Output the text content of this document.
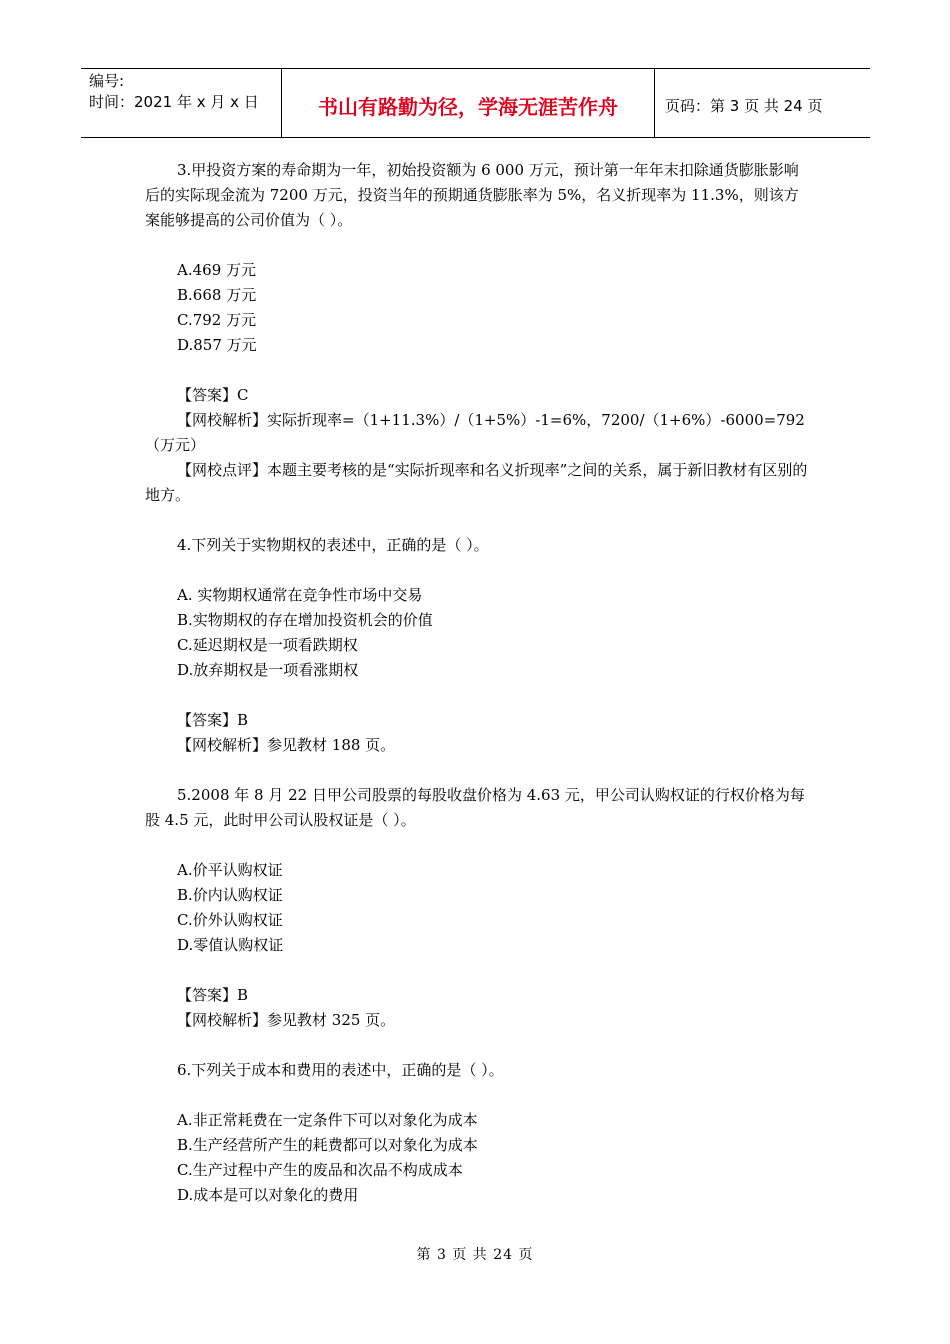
编号:
时间：2021 年 x 月 x 日	书山有路勤为径，学海无涯苦作舟	页码：第 3 页 共 24 页

3.甲投资方案的寿命期为一年，初始投资额为 6 000 万元，预计第一年年末扣除通货膨胀影响后的实际现金流为 7200 万元，投资当年的预期通货膨胀率为 5%，名义折现率为 11.3%，则该方案能够提高的公司价值为（ ）。

A.469 万元

B.668 万元

C.792 万元

D.857 万元

【答案】C

【网校解析】实际折现率=（1+11.3%）/（1+5%）-1=6%，7200/（1+6%）-6000=792（万元）

【网校点评】本题主要考核的是“实际折现率和名义折现率”之间的关系，属于新旧教材有区别的地方。

4.下列关于实物期权的表述中，正确的是（ ）。

A. 实物期权通常在竞争性市场中交易

B.实物期权的存在增加投资机会的价值

C.延迟期权是一项看跌期权

D.放弃期权是一项看涨期权

【答案】B

【网校解析】参见教材 188 页。

5.2008 年 8 月 22 日甲公司股票的每股收盘价格为 4.63 元，甲公司认购权证的行权价格为每股 4.5 元，此时甲公司认股权证是（ ）。

A.价平认购权证

B.价内认购权证

C.价外认购权证

D.零值认购权证

【答案】B

【网校解析】参见教材 325 页。

6.下列关于成本和费用的表述中，正确的是（ ）。

A.非正常耗费在一定条件下可以对象化为成本

B.生产经营所产生的耗费都可以对象化为成本

C.生产过程中产生的废品和次品不构成成本

D.成本是可以对象化的费用

第 3 页 共 24 页
